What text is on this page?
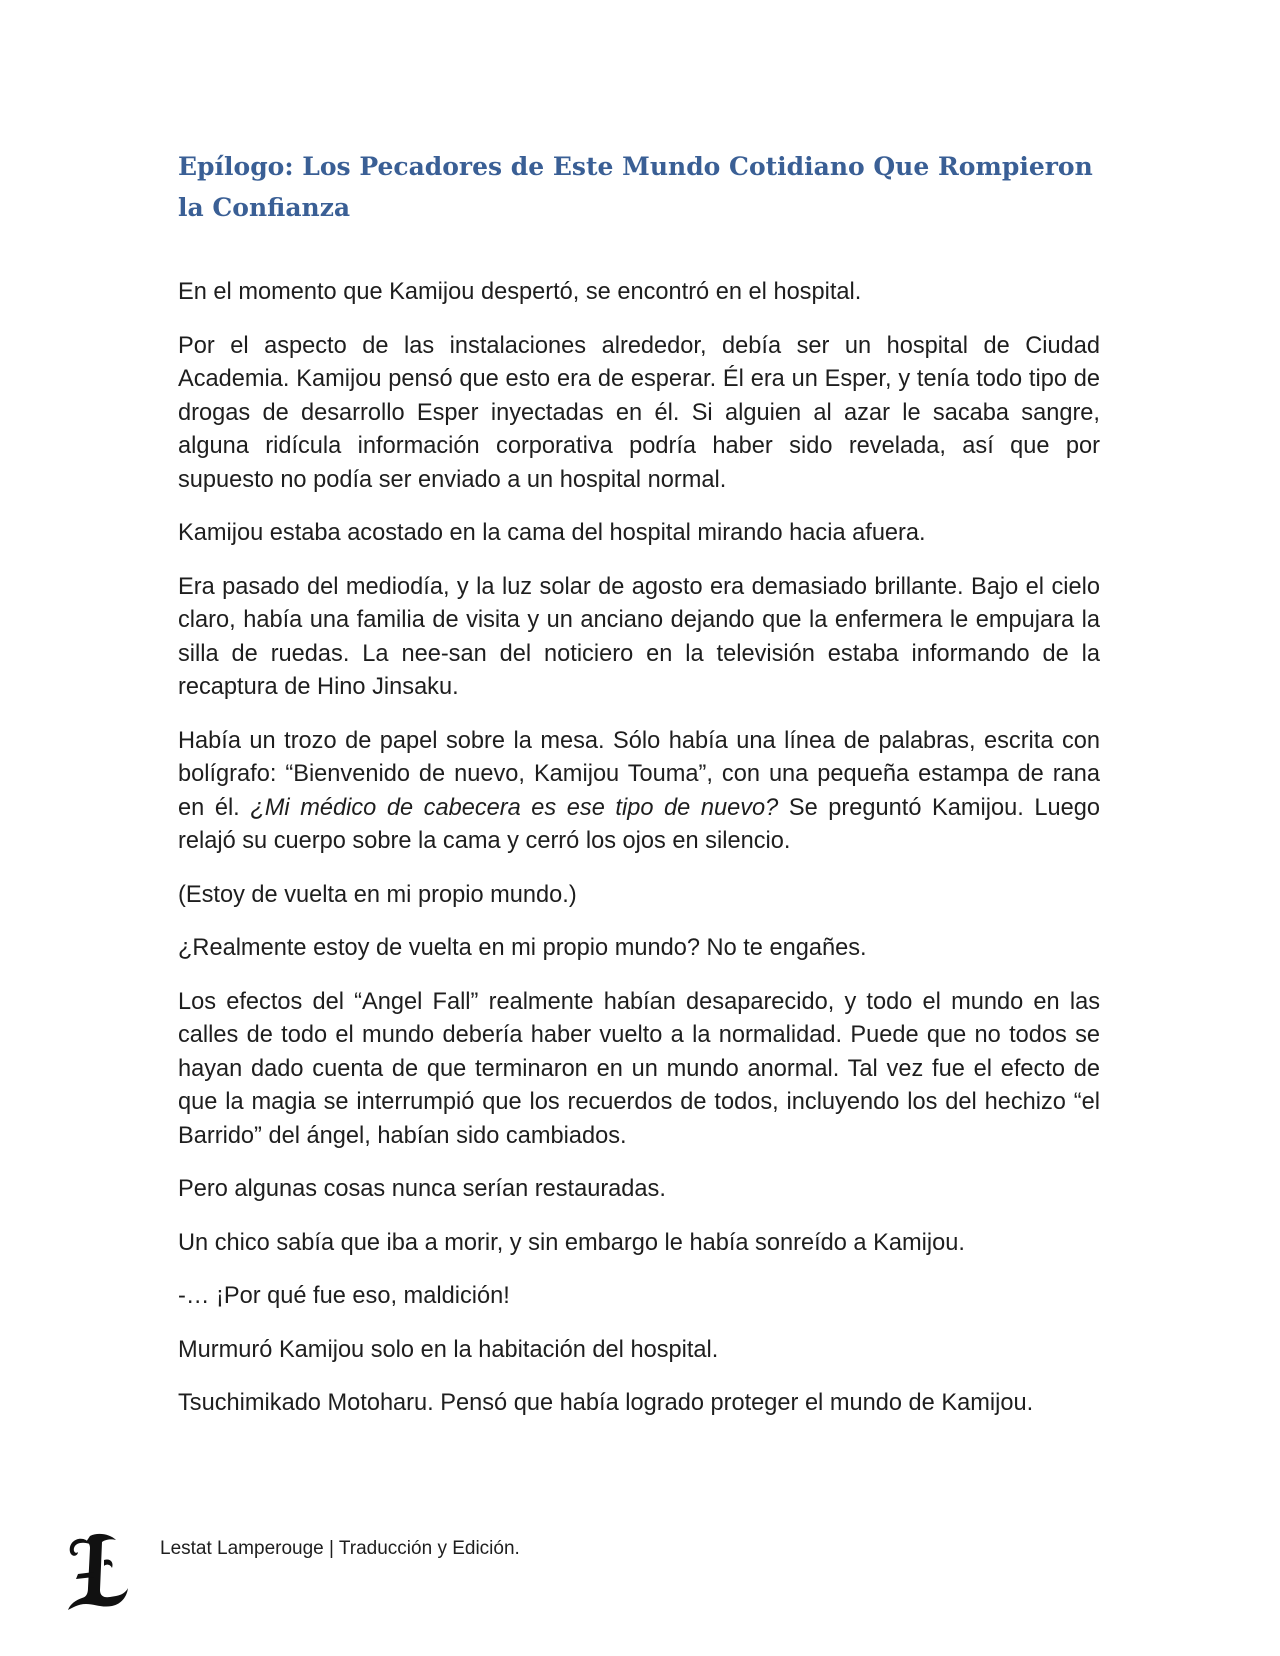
Epílogo: Los Pecadores de Este Mundo Cotidiano Que Rompieron la Confianza

En el momento que Kamijou despertó, se encontró en el hospital.

Por el aspecto de las instalaciones alrededor, debía ser un hospital de Ciudad Academia. Kamijou pensó que esto era de esperar. Él era un Esper, y tenía todo tipo de drogas de desarrollo Esper inyectadas en él. Si alguien al azar le sacaba sangre, alguna ridícula información corporativa podría haber sido revelada, así que por supuesto no podía ser enviado a un hospital normal.

Kamijou estaba acostado en la cama del hospital mirando hacia afuera.

Era pasado del mediodía, y la luz solar de agosto era demasiado brillante. Bajo el cielo claro, había una familia de visita y un anciano dejando que la enfermera le empujara la silla de ruedas. La nee-san del noticiero en la televisión estaba informando de la recaptura de Hino Jinsaku.

Había un trozo de papel sobre la mesa. Sólo había una línea de palabras, escrita con bolígrafo: “Bienvenido de nuevo, Kamijou Touma”, con una pequeña estampa de rana en él. ¿Mi médico de cabecera es ese tipo de nuevo? Se preguntó Kamijou. Luego relajó su cuerpo sobre la cama y cerró los ojos en silencio.

(Estoy de vuelta en mi propio mundo.)

¿Realmente estoy de vuelta en mi propio mundo? No te engañes.

Los efectos del “Angel Fall” realmente habían desaparecido, y todo el mundo en las calles de todo el mundo debería haber vuelto a la normalidad. Puede que no todos se hayan dado cuenta de que terminaron en un mundo anormal. Tal vez fue el efecto de que la magia se interrumpió que los recuerdos de todos, incluyendo los del hechizo “el Barrido” del ángel, habían sido cambiados.

Pero algunas cosas nunca serían restauradas.

Un chico sabía que iba a morir, y sin embargo le había sonreído a Kamijou.

-… ¡Por qué fue eso, maldición!

Murmuró Kamijou solo en la habitación del hospital.

Tsuchimikado Motoharu. Pensó que había logrado proteger el mundo de Kamijou.

Lestat Lamperouge | Traducción y Edición.
